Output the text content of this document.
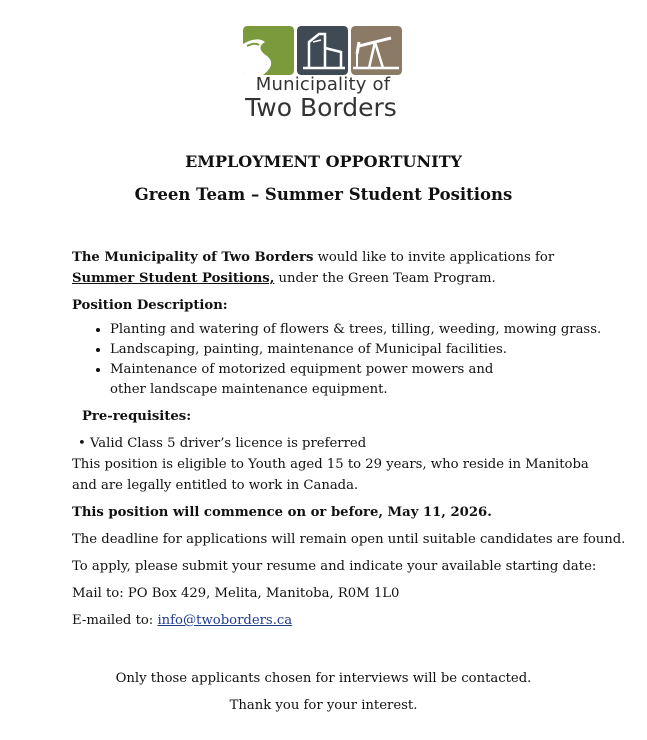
Municipality of
Two Borders
EMPLOYMENT OPPORTUNITY
Green Team – Summer Student Positions

The Municipality of Two Borders would like to invite applications for
Summer Student Positions, under the Green Team Program.

Position Description:

• Planting and watering of flowers & trees, tilling, weeding, mowing grass.
• Landscaping, painting, maintenance of Municipal facilities.
• Maintenance of motorized equipment power mowers and other landscape maintenance equipment.
Pre-requisites:
• Valid Class 5 driver’s licence is preferred

This position is eligible to Youth aged 15 to 29 years, who reside in Manitoba

and are legally entitled to work in Canada.

This position will commence on or before, May 11, 2026.

The deadline for applications will remain open until suitable candidates are found.

To apply, please submit your resume and indicate your available starting date:

Mail to: PO Box 429, Melita, Manitoba, R0M 1L0

E-mailed to: info@twoborders.ca

Only those applicants chosen for interviews will be contacted.
Thank you for your interest.
